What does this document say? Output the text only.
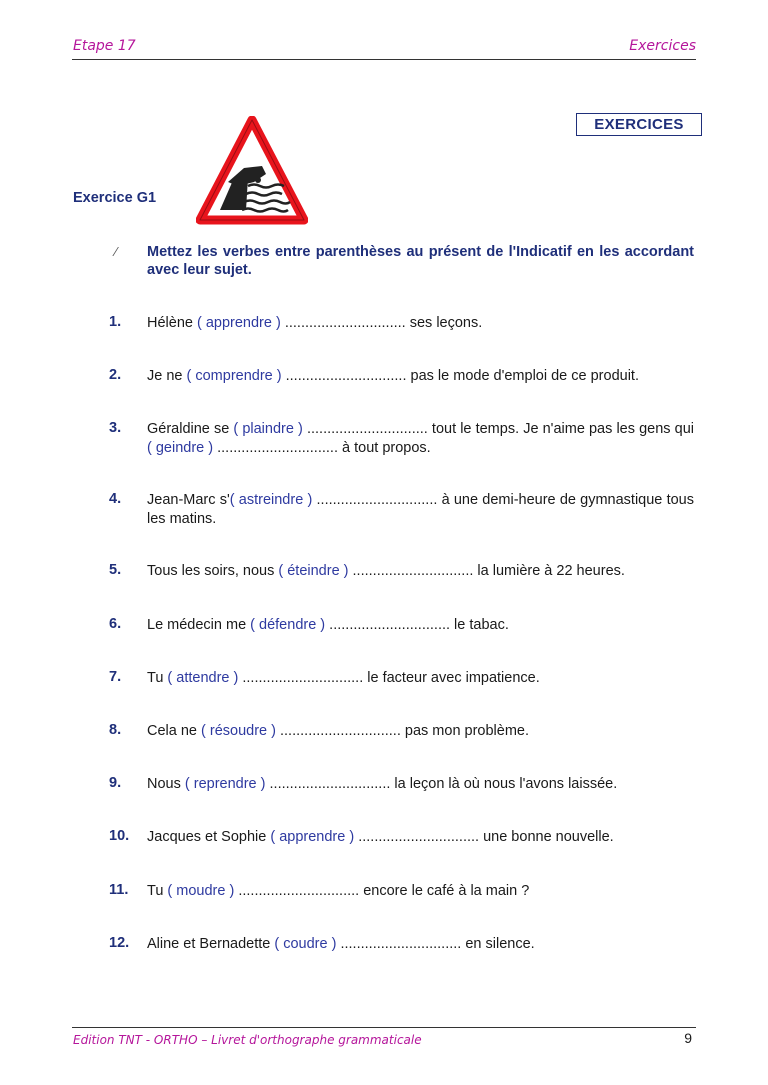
Etape 17	Exercices
EXERCICES
Exercice G1
⁄ Mettez les verbes entre parenthèses au présent de l'Indicatif en les accordant avec leur sujet.
1. Hélène ( apprendre ) .............................. ses leçons.
2. Je ne ( comprendre ) .............................. pas le mode d'emploi de ce produit.
3. Géraldine se ( plaindre ) .............................. tout le temps. Je n'aime pas les gens qui ( geindre ) .............................. à tout propos.
4. Jean-Marc s'( astreindre ) .............................. à une demi-heure de gymnastique tous les matins.
5. Tous les soirs, nous ( éteindre ) .............................. la lumière à 22 heures.
6. Le médecin me ( défendre ) .............................. le tabac.
7. Tu ( attendre ) .............................. le facteur avec impatience.
8. Cela ne ( résoudre ) .............................. pas mon problème.
9. Nous ( reprendre ) .............................. la leçon là où nous l'avons laissée.
10. Jacques et Sophie ( apprendre ) .............................. une bonne nouvelle.
11. Tu ( moudre ) .............................. encore le café à la main ?
12. Aline et Bernadette ( coudre ) .............................. en silence.
Edition TNT - ORTHO – Livret d'orthographe grammaticale	9
